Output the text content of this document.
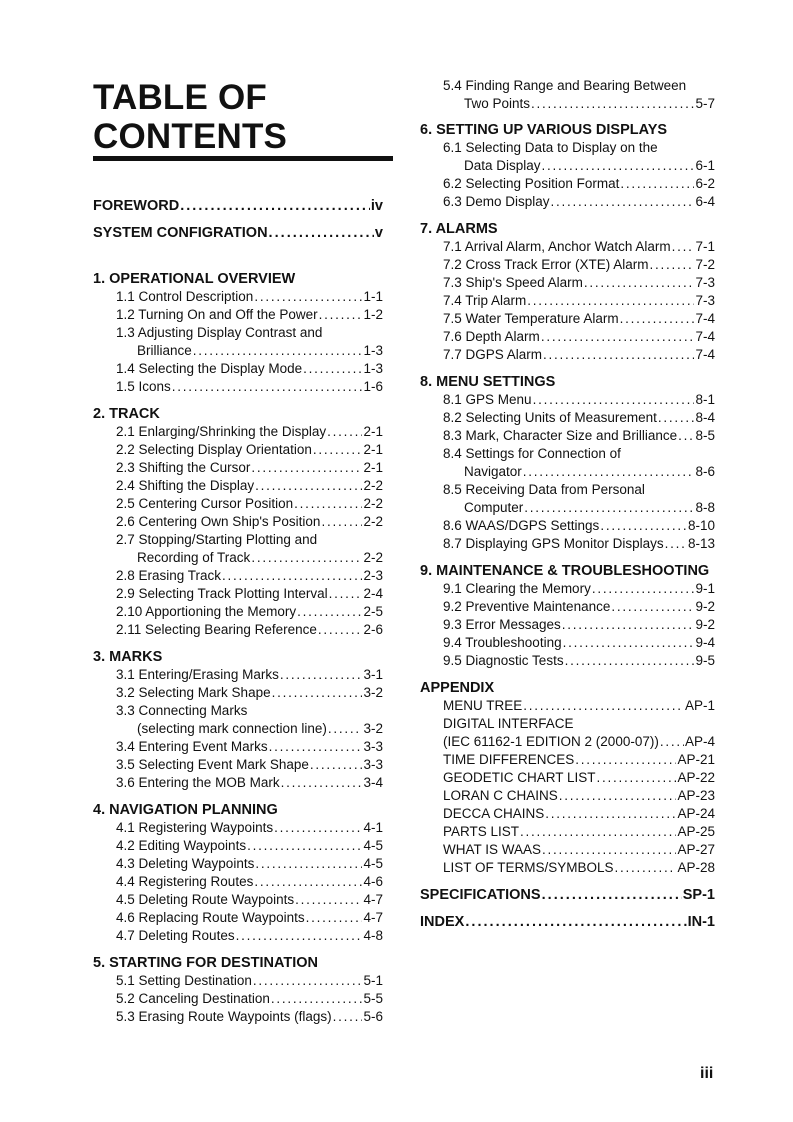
TABLE OF
CONTENTS
FOREWORD . . .	iv
SYSTEM CONFIGRATION . . .	v
1. OPERATIONAL OVERVIEW
1.1 Control Description . . .	1-1
1.2 Turning On and Off the Power . . .	1-2
1.3 Adjusting Display Contrast and
Brilliance . . .	1-3
1.4 Selecting the Display Mode . . .	1-3
1.5 Icons . . .	1-6
2. TRACK
2.1 Enlarging/Shrinking the Display . . .	2-1
2.2 Selecting Display Orientation . . .	2-1
2.3 Shifting the Cursor . . .	2-1
2.4 Shifting the Display . . .	2-2
2.5 Centering Cursor Position . . .	2-2
2.6 Centering Own Ship's Position . . .	2-2
2.7 Stopping/Starting Plotting and
Recording of Track . . .	2-2
2.8 Erasing Track . . .	2-3
2.9 Selecting Track Plotting Interval . . .	2-4
2.10 Apportioning the Memory . . .	2-5
2.11 Selecting Bearing Reference . . .	2-6
3. MARKS
3.1 Entering/Erasing Marks . . .	3-1
3.2 Selecting Mark Shape . . .	3-2
3.3 Connecting Marks
(selecting mark connection line) . . .	3-2
3.4 Entering Event Marks . . .	3-3
3.5 Selecting Event Mark Shape . . .	3-3
3.6 Entering the MOB Mark . . .	3-4
4. NAVIGATION PLANNING
4.1 Registering Waypoints . . .	4-1
4.2 Editing Waypoints . . .	4-5
4.3 Deleting Waypoints . . .	4-5
4.4 Registering Routes . . .	4-6
4.5 Deleting Route Waypoints . . .	4-7
4.6 Replacing Route Waypoints . . .	4-7
4.7 Deleting Routes . . .	4-8
5. STARTING FOR DESTINATION
5.1 Setting Destination . . .	5-1
5.2 Canceling Destination . . .	5-5
5.3 Erasing Route Waypoints (flags) . . . 5-6
5.4 Finding Range and Bearing Between
Two Points . . .	5-7
6. SETTING UP VARIOUS DISPLAYS
6.1 Selecting Data to Display on the
Data Display . . .	6-1
6.2 Selecting Position Format . . .	6-2
6.3 Demo Display . . .	6-4
7. ALARMS
7.1 Arrival Alarm, Anchor Watch Alarm . . . 7-1
7.2 Cross Track Error (XTE) Alarm . . .	7-2
7.3 Ship's Speed Alarm . . .	7-3
7.4 Trip Alarm . . .	7-3
7.5 Water Temperature Alarm . . .	7-4
7.6 Depth Alarm . . .	7-4
7.7 DGPS Alarm . . .	7-4
8. MENU SETTINGS
8.1 GPS Menu . . .	8-1
8.2 Selecting Units of Measurement . . .	8-4
8.3 Mark, Character Size and Brilliance . . . 8-5
8.4 Settings for Connection of
Navigator . . .	8-6
8.5 Receiving Data from Personal
Computer . . .	8-8
8.6 WAAS/DGPS Settings . . .	8-10
8.7 Displaying GPS Monitor Displays . . . 8-13
9. MAINTENANCE & TROUBLESHOOTING
9.1 Clearing the Memory . . .	9-1
9.2 Preventive Maintenance . . .	9-2
9.3 Error Messages . . .	9-2
9.4 Troubleshooting . . .	9-4
9.5 Diagnostic Tests . . .	9-5
APPENDIX
MENU TREE . . .	AP-1
DIGITAL INTERFACE
(IEC 61162-1 EDITION 2 (2000-07)) . . . AP-4
TIME DIFFERENCES . . .	AP-21
GEODETIC CHART LIST . . .	AP-22
LORAN C CHAINS . . .	AP-23
DECCA CHAINS . . .	AP-24
PARTS LIST . . .	AP-25
WHAT IS WAAS . . .	AP-27
LIST OF TERMS/SYMBOLS . . .	AP-28
SPECIFICATIONS . . .	SP-1
INDEX . . .	IN-1
iii
